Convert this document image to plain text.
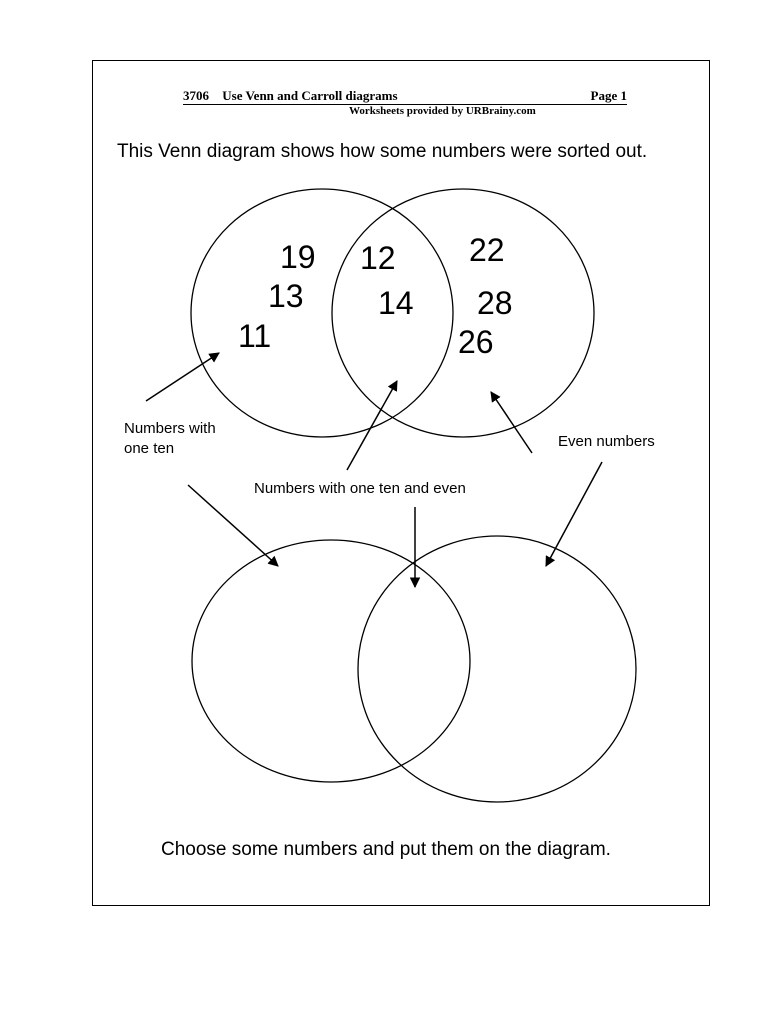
3706 Use Venn and Carroll diagrams	Page 1
Worksheets provided by URBrainy.com
This Venn diagram shows how some numbers were sorted out.
19
13
11
12
14
22
28
26
Numbers with
one ten	Even numbers
Numbers with one ten and even
Choose some numbers and put them on the diagram.
